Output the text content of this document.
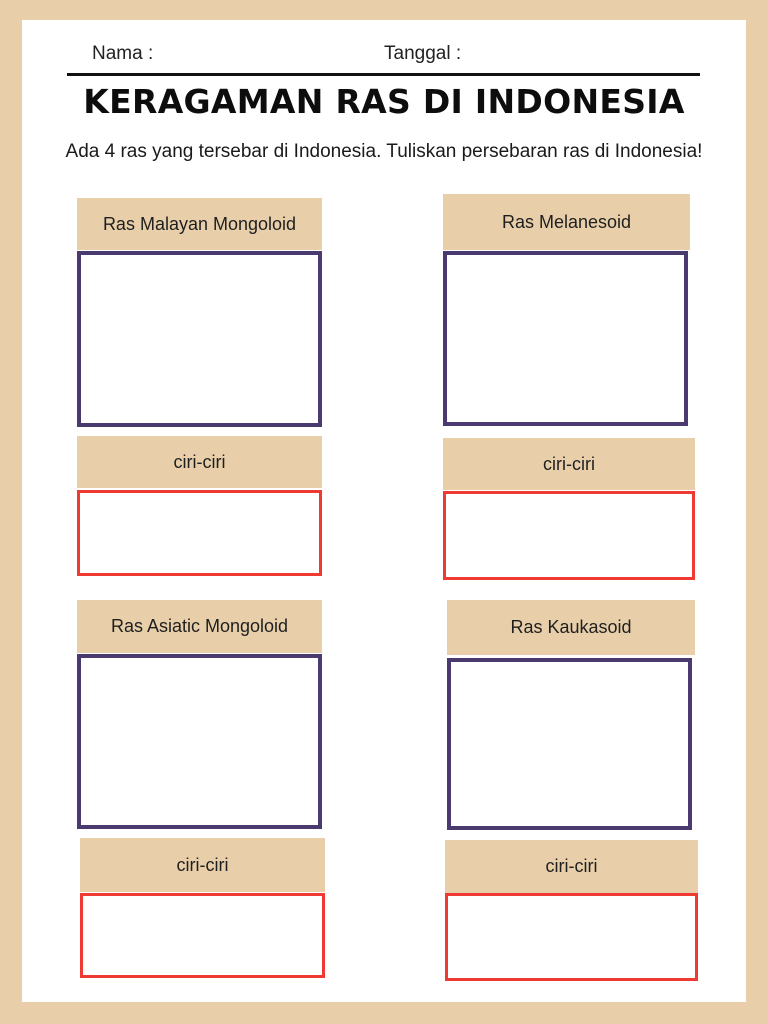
Nama :	Tanggal :
KERAGAMAN RAS DI INDONESIA
Ada 4 ras yang tersebar di Indonesia. Tuliskan persebaran ras di Indonesia!
Ras Malayan Mongoloid
ciri-ciri
Ras Melanesoid
ciri-ciri
Ras Asiatic Mongoloid
ciri-ciri
Ras Kaukasoid
ciri-ciri
